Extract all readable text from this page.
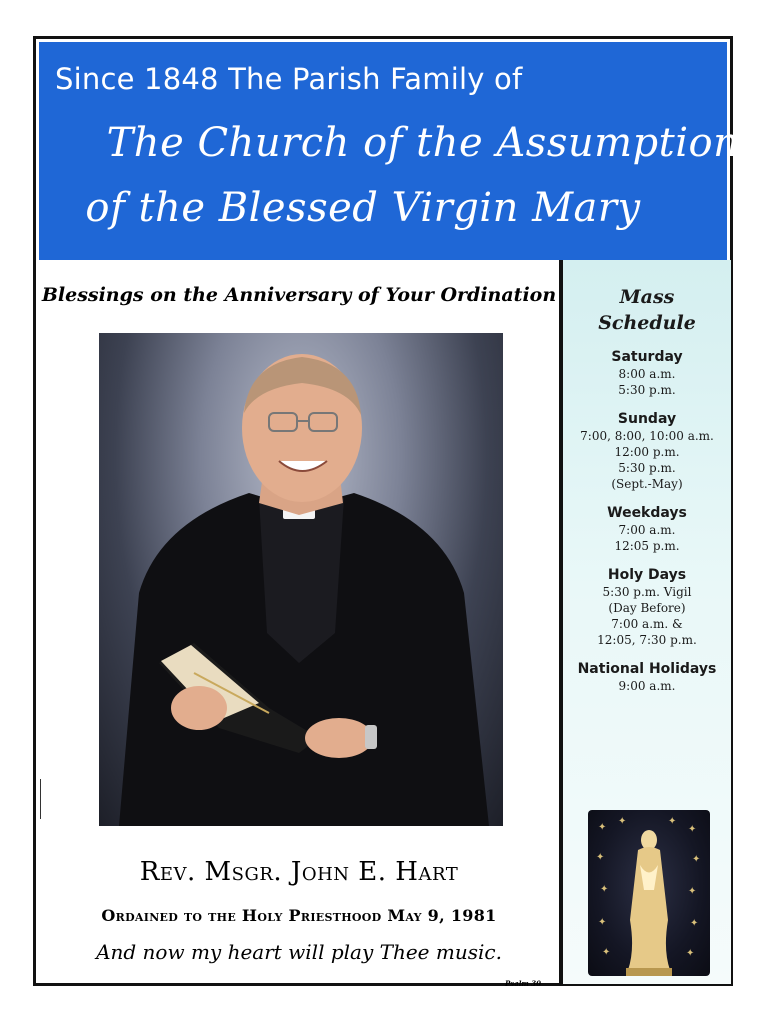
Since 1848 The Parish Family of
The Church of the Assumption
of the Blessed Virgin Mary
Blessings on the Anniversary of Your Ordination
Rev. Msgr. John E. Hart
Ordained to the Holy Priesthood May 9, 1981
And now my heart will play Thee music.
Psalm 30
Mass
Schedule
Saturday
8:00 a.m.
5:30 p.m.
Sunday
7:00, 8:00, 10:00 a.m.
12:00 p.m.
5:30 p.m.
(Sept.-May)
Weekdays
7:00 a.m.
12:05 p.m.
Holy Days
5:30 p.m. Vigil
(Day Before)
7:00 a.m. &
12:05, 7:30 p.m.
National Holidays
9:00 a.m.
✦
✦	✦
✦
✦	✦
✦	✦
✦	✦
✦	✦
